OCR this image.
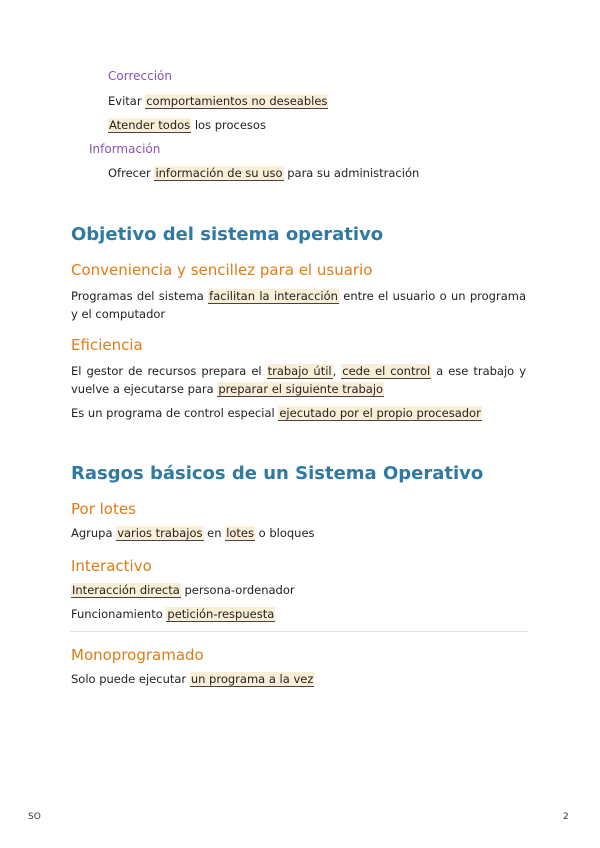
Corrección
Evitar comportamientos no deseables
Atender todos los procesos
Información
Ofrecer información de su uso para su administración
Objetivo del sistema operativo
Conveniencia y sencillez para el usuario
Programas del sistema facilitan la interacción entre el usuario o un programa y el computador
Eficiencia
El gestor de recursos prepara el trabajo útil, cede el control a ese trabajo y vuelve a ejecutarse para preparar el siguiente trabajo
Es un programa de control especial ejecutado por el propio procesador
Rasgos básicos de un Sistema Operativo
Por lotes
Agrupa varios trabajos en lotes o bloques
Interactivo
Interacción directa persona-ordenador
Funcionamiento petición-respuesta
Monoprogramado
Solo puede ejecutar un programa a la vez
SO	2
